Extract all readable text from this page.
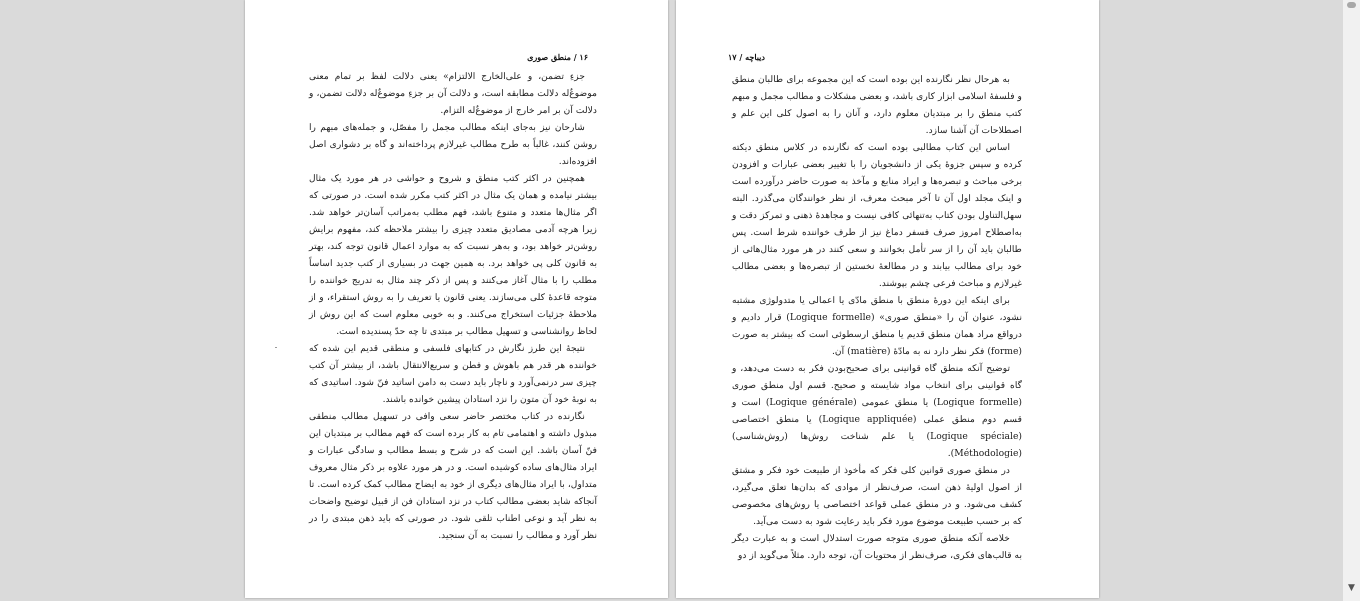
۱۶ / منطق صوری

جزءِ تضمن، و علی‌الخارج الالتزام» یعنی دلالت لفظ بر تمام معنی موضوعٌ‌له دلالت مطابقه است، و دلالت آن بر جزءِ موضوعٌ‌له دلالت تضمن، و دلالت آن بر امر خارج از موضوعٌ‌له التزام.

شارحان نیز به‌جای اینکه مطالب مجمل را مفصّل، و جمله‌های مبهم را روشن کنند، غالباً به طرح مطالب غیرلازم پرداخته‌اند و گاه بر دشواری اصل افزوده‌اند.

همچنین در اکثر کتب منطق و شروح و حواشی در هر مورد یک مثال بیشتر نیامده و همان یک مثال در اکثر کتب مکرر شده است. در صورتی که اگر مثال‌ها متعدد و متنوع باشد، فهم مطلب به‌مراتب آسان‌تر خواهد شد. زیرا هرچه آدمی مصادیق متعدد چیزی را بیشتر ملاحظه کند، مفهوم برایش روشن‌تر خواهد بود، و به‌هر نسبت که به موارد اعمال قانون توجه کند، بهتر به قانون کلی پی خواهد برد. به همین جهت در بسیاری از کتب جدید اساساً مطلب را با مثال آغاز می‌کنند و پس از ذکر چند مثال به تدریج خواننده را متوجه قاعدهٔ کلی می‌سازند. یعنی قانون یا تعریف را به روش استقراء، و از ملاحظهٔ جزئیات استخراج می‌کنند. و به خوبی معلوم است که این روش از لحاظ روانشناسی و تسهیل مطالب بر مبتدی تا چه حدّ پسندیده است.

نتیجهٔ این طرز نگارش در کتابهای فلسفی و منطقی قدیم این شده که خواننده هر قدر هم باهوش و فطن و سریع‌الانتقال باشد، از بیشتر آن کتب چیزی سر درنمی‌آورد و ناچار باید دست به دامن اساتید فنّ شود. اساتیدی که به نوبهٔ خود آن متون را نزد استادان پیشین خوانده باشند.

نگارنده در کتاب مختصر حاضر سعی وافی در تسهیل مطالب منطقی مبذول داشته و اهتمامی تام به کار برده است که فهم مطالب بر مبتدیان این فنّ آسان باشد. این است که در شرح و بسط مطالب و سادگی عبارات و ایراد مثال‌های ساده کوشیده است. و در هر مورد علاوه بر ذکر مثال معروف متداول، با ایراد مثال‌های دیگری از خود به ایضاح مطالب کمک کرده است. تا آنجاکه شاید بعضی مطالب کتاب در نزد استادان فن از قبیل توضیح واضحات به نظر آید و نوعی اطناب تلقی شود. در صورتی که باید ذهن مبتدی را در نظر آورد و مطالب را نسبت به آن سنجید.

دیباچه / ۱۷

به هرحال نظر نگارنده این بوده است که این مجموعه برای طالبان منطق و فلسفهٔ اسلامی ابزار کاری باشد، و بعضی مشکلات و مطالب مجمل و مبهم کتب منطق را بر مبتدیان معلوم دارد، و آنان را به اصول کلی این علم و اصطلاحات آن آشنا سازد.

اساس این کتاب مطالبی بوده است که نگارنده در کلاس منطق دیکته کرده و سپس جزوهٔ یکی از دانشجویان را با تغییر بعضی عبارات و افزودن برخی مباحث و تبصره‌ها و ایراد منابع و مآخذ به صورت حاضر درآورده است و اینک مجلد اول آن تا آخر مبحث معرف، از نظر خوانندگان می‌گذرد. البته سهل‌التناول بودن کتاب به‌تنهائی کافی نیست و مجاهدهٔ ذهنی و تمرکز دقت و به‌اصطلاح امروز صرف فسفر دماغ نیز از طرف خواننده شرط است. پس طالبان باید آن را از سر تأمل بخوانند و سعی کنند در هر مورد مثال‌هائی از خود برای مطالب بیابند و در مطالعهٔ نخستین از تبصره‌ها و بعضی مطالب غیرلازم و مباحث فرعی چشم بپوشند.

برای اینکه این دورهٔ منطق با منطق مادّی یا اعمالی یا متدولوژی مشتبه نشود، عنوان آن را «منطق صوری» (Logique formelle) قرار دادیم و درواقع مراد همان منطق قدیم یا منطق ارسطوئی است که بیشتر به صورت (forme) فکر نظر دارد نه به مادّهٔ (matière) آن.

توضیح آنکه منطق گاه قوانینی برای صحیح‌بودن فکر به دست می‌دهد، و گاه قوانینی برای انتخاب مواد شایسته و صحیح. قسم اول منطق صوری (Logique formelle) یا منطق عمومی (Logique générale) است و قسم دوم منطق عملی (Logique appliquée) یا منطق اختصاصی (Logique spéciale) یا علم شناخت روش‌ها (روش‌شناسی) (Méthodologie).

در منطق صوری قوانین کلی فکر که مأخوذ از طبیعت خود فکر و مشتق از اصول اولیهٔ ذهن است، صرف‌نظر از موادی که بدان‌ها تعلق می‌گیرد، کشف می‌شود. و در منطق عملی قواعد اختصاصی یا روش‌های مخصوصی که بر حسب طبیعت موضوع مورد فکر باید رعایت شود به دست می‌آید.

خلاصه آنکه منطق صوری متوجه صورت استدلال است و به عبارت دیگر به قالب‌های فکری، صرف‌نظر از محتویات آن، توجه دارد. مثلاً می‌گوید از دو

▼
